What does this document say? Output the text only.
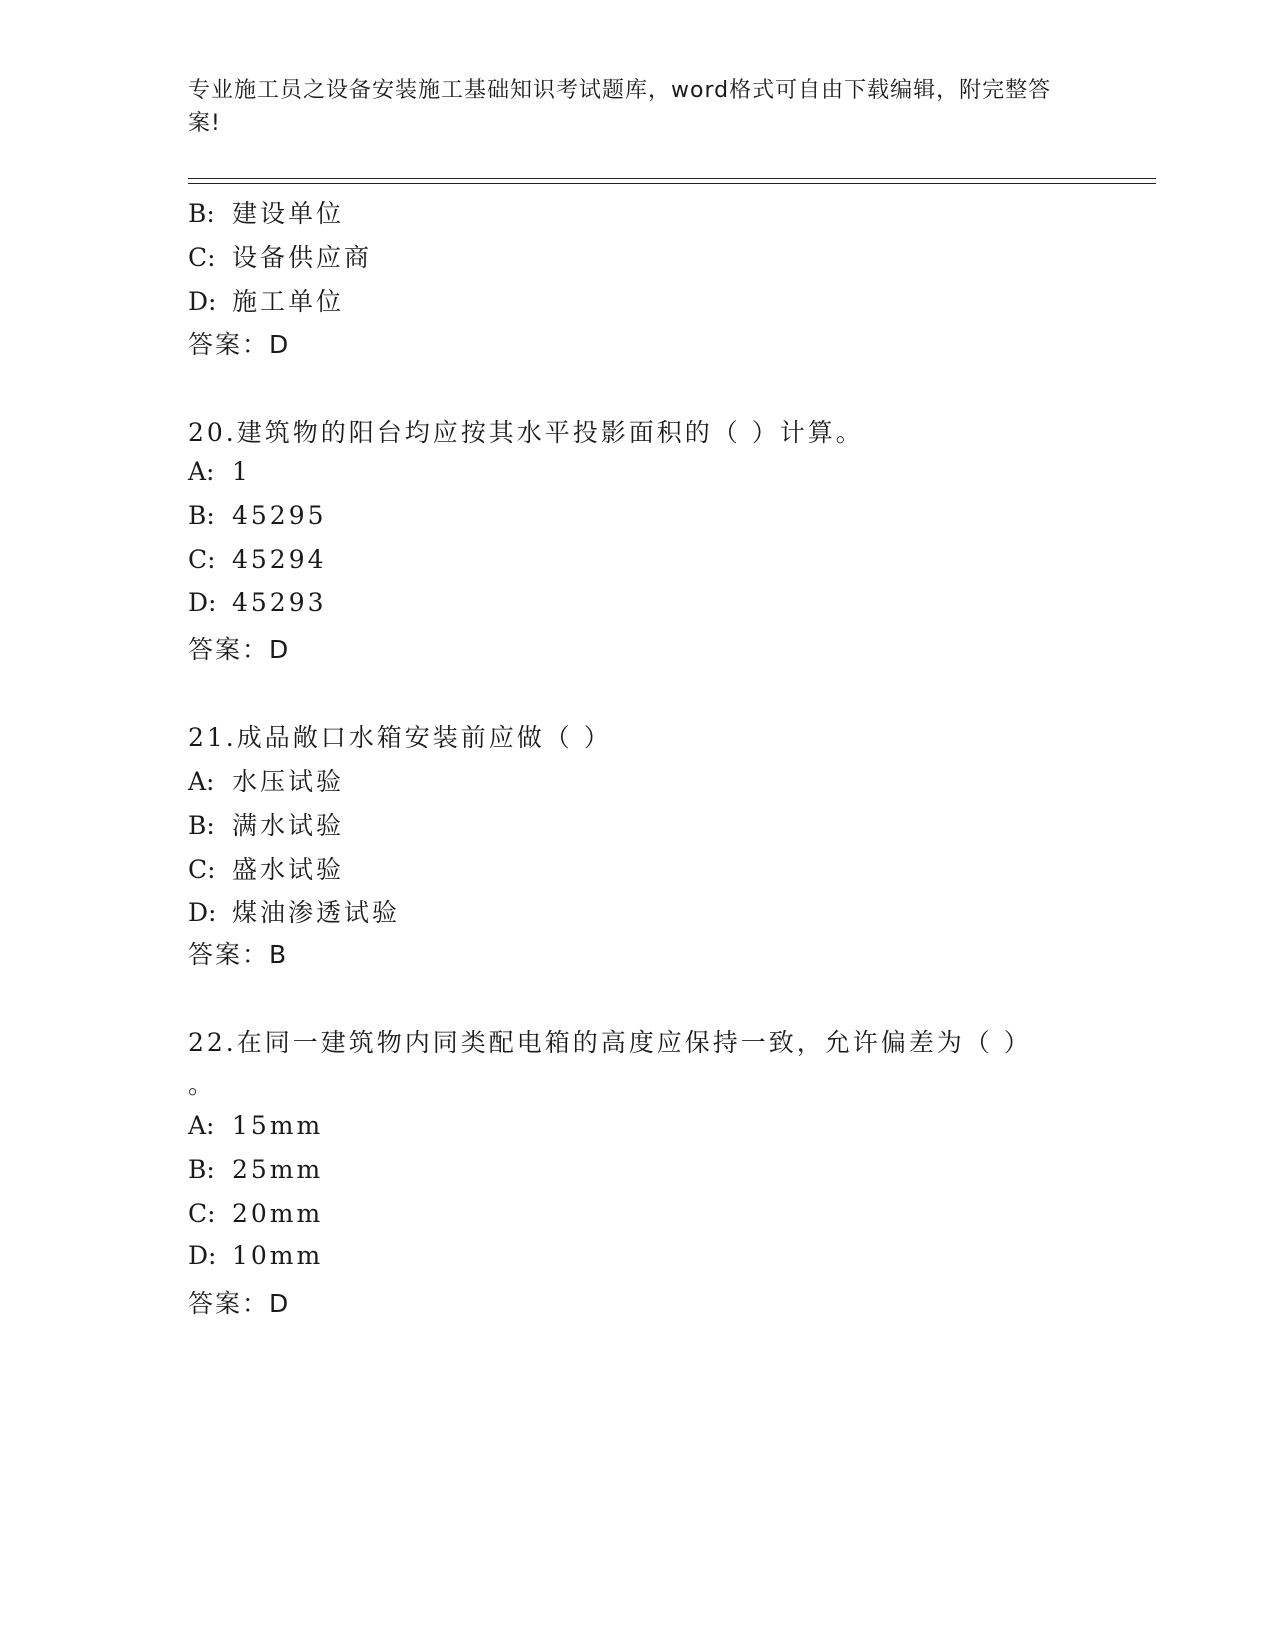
专业施工员之设备安装施工基础知识考试题库，word格式可自由下载编辑，附完整答案!
B: 建设单位
C: 设备供应商
D: 施工单位
答案：D
20.建筑物的阳台均应按其水平投影面积的（ ）计算。
A: 1
B: 45295
C: 45294
D: 45293
答案：D
21.成品敞口水箱安装前应做（ ）
A: 水压试验
B: 满水试验
C: 盛水试验
D: 煤油渗透试验
答案：B
22.在同一建筑物内同类配电箱的高度应保持一致，允许偏差为（ ）
。
A: 15mm
B: 25mm
C: 20mm
D: 10mm
答案：D
